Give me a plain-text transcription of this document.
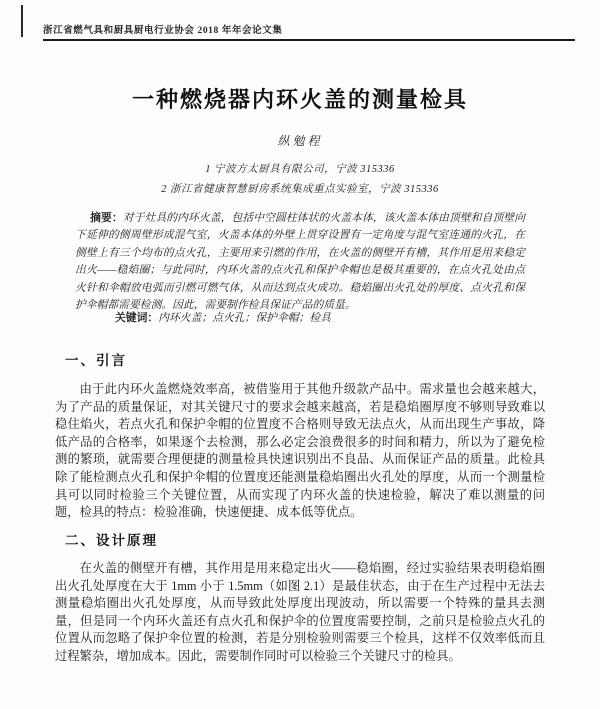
浙江省燃气具和厨具厨电行业协会 2018 年年会论文集
一种燃烧器内环火盖的测量检具
纵勉程
1 宁波方太厨具有限公司，宁波 315336
2 浙江省健康智慧厨房系统集成重点实验室，宁波 315336

摘要：对于灶具的内环火盖，包括中空圆柱体状的火盖本体，该火盖本体由顶壁和自顶壁向下延伸的侧周壁形成混气室，火盖本体的外壁上贯穿设置有一定角度与混气室连通的火孔，在侧壁上有三个均布的点火孔，主要用来引燃的作用，在火盖的侧壁开有槽，其作用是用来稳定出火——稳焰圈；与此同时，内环火盖的点火孔和保护伞帽也是极其重要的，在点火孔处由点火针和伞帽放电弧而引燃可燃气体，从而达到点火成功。稳焰圈出火孔处的厚度、点火孔和保护伞帽都需要检测。因此，需要制作检具保证产品的质量。

关键词：内环火盖；点火孔；保护伞帽；检具

一、引言

由于此内环火盖燃烧效率高，被借鉴用于其他升级款产品中。需求量也会越来越大，为了产品的质量保证，对其关键尺寸的要求会越来越高，若是稳焰圈厚度不够则导致难以稳住焰火，若点火孔和保护伞帽的位置度不合格则导致无法点火，从而出现生产事故，降低产品的合格率，如果逐个去检测，那么必定会浪费很多的时间和精力，所以为了避免检测的繁琐，就需要合理便捷的测量检具快速识别出不良品、从而保证产品的质量。此检具除了能检测点火孔和保护伞帽的位置度还能测量稳焰圈出火孔处的厚度，从而一个测量检具可以同时检验三个关键位置，从而实现了内环火盖的快速检验，解决了难以测量的问题，检具的特点：检验准确，快速便捷、成本低等优点。

二、设计原理

在火盖的侧壁开有槽，其作用是用来稳定出火——稳焰圈，经过实验结果表明稳焰圈出火孔处厚度在大于 1mm 小于 1.5mm（如图 2.1）是最佳状态，由于在生产过程中无法去测量稳焰圈出火孔处厚度，从而导致此处厚度出现波动，所以需要一个特殊的量具去测量，但是同一个内环火盖还有点火孔和保护伞的位置度需要控制，之前只是检验点火孔的位置从而忽略了保护伞位置的检测，若是分别检验则需要三个检具，这样不仅效率低而且过程繁杂，增加成本。因此，需要制作同时可以检验三个关键尺寸的检具。
